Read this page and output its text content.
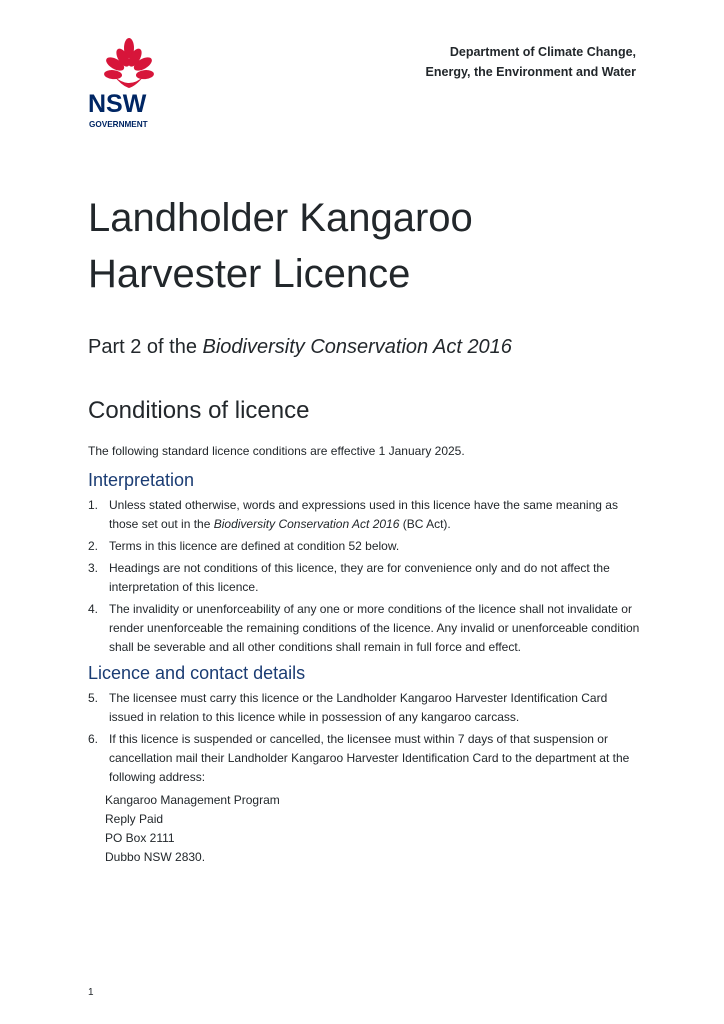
NSW
GOVERNMENT
Department of Climate Change,
Energy, the Environment and Water
Landholder Kangaroo
Harvester Licence

Part 2 of the Biodiversity Conservation Act 2016

Conditions of licence

The following standard licence conditions are effective 1 January 2025.

Interpretation
1. Unless stated otherwise, words and expressions used in this licence have the same meaning as those set out in the Biodiversity Conservation Act 2016 (BC Act).
2. Terms in this licence are defined at condition 52 below.
3. Headings are not conditions of this licence, they are for convenience only and do not affect the interpretation of this licence.
4. The invalidity or unenforceability of any one or more conditions of the licence shall not invalidate or render unenforceable the remaining conditions of the licence. Any invalid or unenforceable condition shall be severable and all other conditions shall remain in full force and effect.
Licence and contact details
5. The licensee must carry this licence or the Landholder Kangaroo Harvester Identification Card issued in relation to this licence while in possession of any kangaroo carcass.
6. If this licence is suspended or cancelled, the licensee must within 7 days of that suspension or cancellation mail their Landholder Kangaroo Harvester Identification Card to the department at the following address:
Kangaroo Management Program
Reply Paid
PO Box 2111
Dubbo NSW 2830.
1
